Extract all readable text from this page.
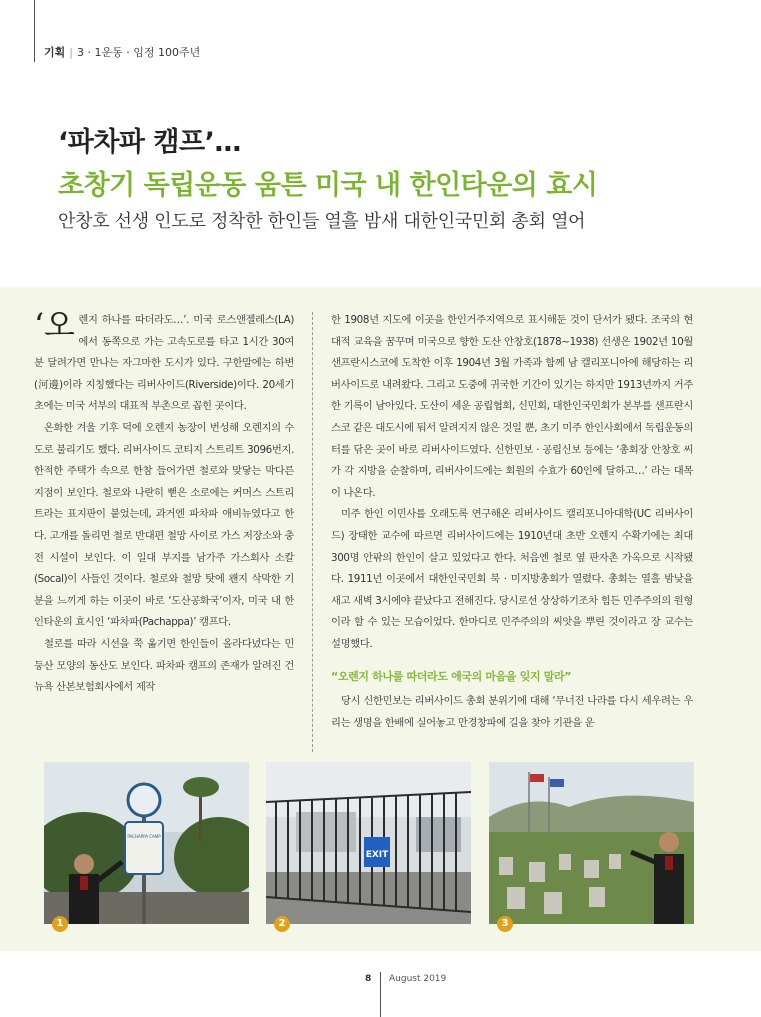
기획 | 3 · 1운동 · 임정 100주년
‘파차파 캠프’…
초창기 독립운동 움튼 미국 내 한인타운의 효시
안창호 선생 인도로 정착한 한인들 열흘 밤새 대한인국민회 총회 열어

‘오렌지 하나를 따더라도…’. 미국 로스앤젤레스(LA)에서 동쪽으로 가는 고속도로를 타고 1시간 30여 분 달려가면 만나는 자그마한 도시가 있다. 구한말에는 하변(河邊)이라 지칭했다는 리버사이드(Riverside)이다. 20세기 초에는 미국 서부의 대표적 부촌으로 꼽힌 곳이다.

온화한 겨울 기후 덕에 오렌지 농장이 번성해 오렌지의 수도로 불리기도 했다. 리버사이드 코티지 스트리트 3096번지. 한적한 주택가 속으로 한참 들어가면 철로와 맞닿는 막다른 지점이 보인다. 철로와 나란히 뻗은 소로에는 커머스 스트리트라는 표지판이 붙었는데, 과거엔 파차파 애비뉴였다고 한다. 고개를 돌리면 철로 반대편 철망 사이로 가스 저장소와 충전 시설이 보인다. 이 일대 부지를 남가주 가스회사 소칼(Socal)이 사들인 것이다. 철로와 철망 탓에 왠지 삭막한 기분을 느끼게 하는 이곳이 바로 ‘도산공화국’이자, 미국 내 한인타운의 효시인 ‘파차파(Pachappa)’ 캠프다.

철로를 따라 시선을 쭉 옮기면 한인들이 올라다녔다는 민둥산 모양의 동산도 보인다. 파차파 캠프의 존재가 알려진 건 뉴욕 산본보험회사에서 제작

한 1908년 지도에 이곳을 한인거주지역으로 표시해둔 것이 단서가 됐다. 조국의 현대적 교육을 꿈꾸며 미국으로 향한 도산 안창호(1878~1938) 선생은 1902년 10월 샌프란시스코에 도착한 이후 1904년 3월 가족과 함께 남 캘리포니아에 해당하는 리버사이드로 내려왔다. 그리고 도중에 귀국한 기간이 있기는 하지만 1913년까지 거주한 기록이 남아있다. 도산이 세운 공립협회, 신민회, 대한인국민회가 본부를 샌프란시스코 같은 대도시에 둬서 알려지지 않은 것일 뿐, 초기 미주 한인사회에서 독립운동의 터를 닦은 곳이 바로 리버사이드였다. 신한민보 · 공립신보 등에는 ‘총회장 안창호 씨가 각 지방을 순찰하며, 리버사이드에는 회원의 수효가 60인에 달하고…’ 라는 대목이 나온다.

미주 한인 이민사를 오래도록 연구해온 리버사이드 캘리포니아대학(UC 리버사이드) 장태한 교수에 따르면 리버사이드에는 1910년대 초반 오렌지 수확기에는 최대 300명 안팎의 한인이 살고 있었다고 한다. 처음엔 철로 옆 판자촌 가옥으로 시작됐다. 1911년 이곳에서 대한인국민회 북 · 미지방총회가 열렸다. 총회는 열흘 밤낮을 새고 새벽 3시에야 끝났다고 전해진다. 당시로선 상상하기조차 힘든 민주주의의 원형이라 할 수 있는 모습이었다. 한마디로 민주주의의 씨앗을 뿌린 것이라고 장 교수는 설명했다.

“오렌지 하나를 따더라도 애국의 마음을 잊지 말라”

당시 신한민보는 리버사이드 총회 분위기에 대해 ‘무너진 나라를 다시 세우려는 우리는 생명을 한배에 실어놓고 만경창파에 길을 찾아 기관을 운

PACHAPPA CAMP
1
EXIT
2	3
8 August 2019
